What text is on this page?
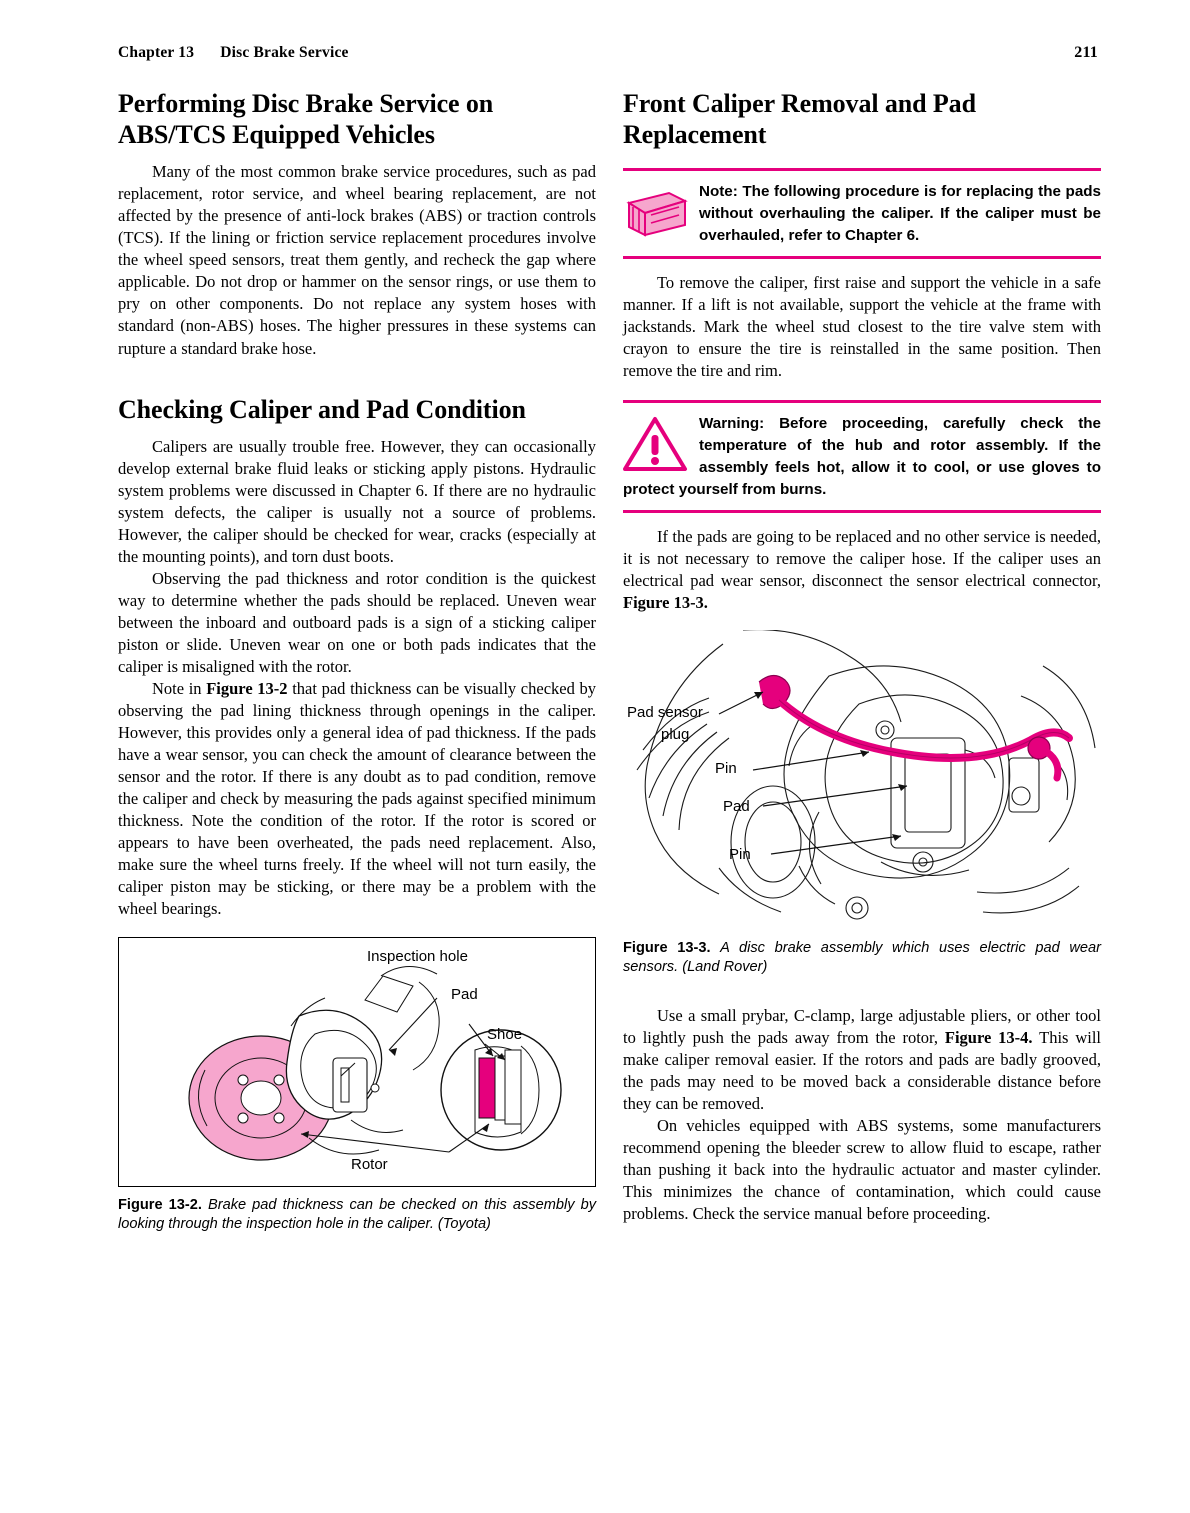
Chapter 13 Disc Brake Service	211
Performing Disc Brake Service on ABS/TCS Equipped Vehicles

Many of the most common brake service procedures, such as pad replacement, rotor service, and wheel bearing replacement, are not affected by the presence of anti-lock brakes (ABS) or traction controls (TCS). If the lining or friction service replacement procedures involve the wheel speed sensors, treat them gently, and recheck the gap where applicable. Do not drop or hammer on the sensor rings, or use them to pry on other components. Do not replace any system hoses with standard (non-ABS) hoses. The higher pressures in these systems can rupture a standard brake hose.

Checking Caliper and Pad Condition

Calipers are usually trouble free. However, they can occasionally develop external brake fluid leaks or sticking apply pistons. Hydraulic system problems were discussed in Chapter 6. If there are no hydraulic system defects, the caliper is usually not a source of problems. However, the caliper should be checked for wear, cracks (especially at the mounting points), and torn dust boots.

Observing the pad thickness and rotor condition is the quickest way to determine whether the pads should be replaced. Uneven wear between the inboard and outboard pads is a sign of a sticking caliper piston or slide. Uneven wear on one or both pads indicates that the caliper is misaligned with the rotor.

Note in Figure 13-2 that pad thickness can be visually checked by observing the pad lining thickness through openings in the caliper. However, this provides only a general idea of pad thickness. If the pads have a wear sensor, you can check the amount of clearance between the sensor and the rotor. If there is any doubt as to pad condition, remove the caliper and check by measuring the pads against specified minimum thickness. Note the condition of the rotor. If the rotor is scored or appears to have been overheated, the pads need replacement. Also, make sure the wheel turns freely. If the wheel will not turn easily, the caliper piston may be sticking, or there may be a problem with the wheel bearings.

Inspection hole
Pad
Shoe
Rotor
Figure 13-2. Brake pad thickness can be checked on this assembly by looking through the inspection hole in the caliper. (Toyota)
Front Caliper Removal and Pad Replacement
Note: The following procedure is for replacing the pads without overhauling the caliper. If the caliper must be overhauled, refer to Chapter 6.

To remove the caliper, first raise and support the vehicle in a safe manner. If a lift is not available, support the vehicle at the frame with jackstands. Mark the wheel stud closest to the tire valve stem with crayon to ensure the tire is reinstalled in the same position. Then remove the tire and rim.

Warning: Before proceeding, carefully check the temperature of the hub and rotor assembly. If the assembly feels hot, allow it to cool, or use gloves to protect yourself from burns.

If the pads are going to be replaced and no other service is needed, it is not necessary to remove the caliper hose. If the caliper uses an electrical pad wear sensor, disconnect the sensor electrical connector, Figure 13-3.

Pad sensor
plug
Pin
Pad
Pin
Figure 13-3. A disc brake assembly which uses electric pad wear sensors. (Land Rover)

Use a small prybar, C-clamp, large adjustable pliers, or other tool to lightly push the pads away from the rotor, Figure 13-4. This will make caliper removal easier. If the rotors and pads are badly grooved, the pads may need to be moved back a considerable distance before they can be removed.

On vehicles equipped with ABS systems, some manufacturers recommend opening the bleeder screw to allow fluid to escape, rather than pushing it back into the hydraulic actuator and master cylinder. This minimizes the chance of contamination, which could cause problems. Check the service manual before proceeding.
